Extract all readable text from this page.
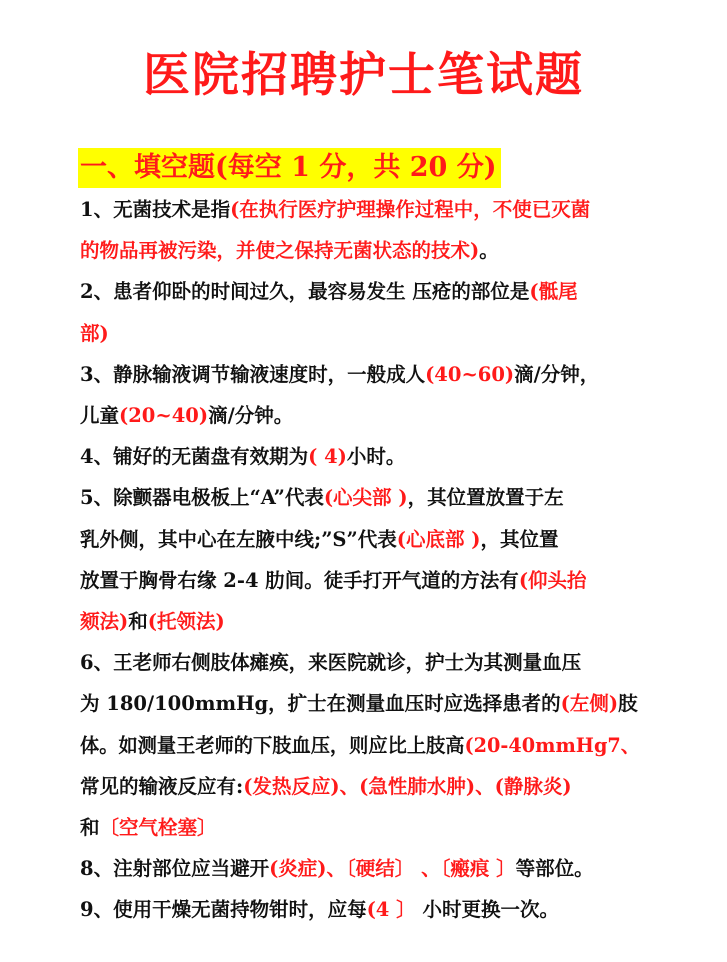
医院招聘护士笔试题
一、填空题(每空 1 分，共 20 分)
1、无菌技术是指(在执行医疗护理操作过程中，不使已灭菌
的物品再被污染，并使之保持无菌状态的技术)。
2、患者仰卧的时间过久，最容易发生 压疮的部位是(骶尾
部)
3、静脉输液调节输液速度时，一般成人(40~60)滴/分钟，
儿童(20~40)滴/分钟。
4、铺好的无菌盘有效期为( 4)小时。
5、除颤器电极板上“A”代表(心尖部 )，其位置放置于左
乳外侧，其中心在左腋中线;”S”代表(心底部 )，其位置
放置于胸骨右缘 2-4 肋间。徒手打开气道的方法有(仰头抬
颏法)和(托领法)
6、王老师右侧肢体瘫痪，来医院就诊，护士为其测量血压
为 180/100mmHg，扩士在测量血压时应选择患者的(左侧)肢
体。如测量王老师的下肢血压，则应比上肢高(20-40mmHg7、
常见的输液反应有:(发热反应)、(急性肺水肿)、(静脉炎)
和〔空气栓塞〕
8、注射部位应当避开(炎症)、〔硬结〕 、〔瘢痕 〕等部位。
9、使用干燥无菌持物钳时，应每(4 〕 小时更换一次。
